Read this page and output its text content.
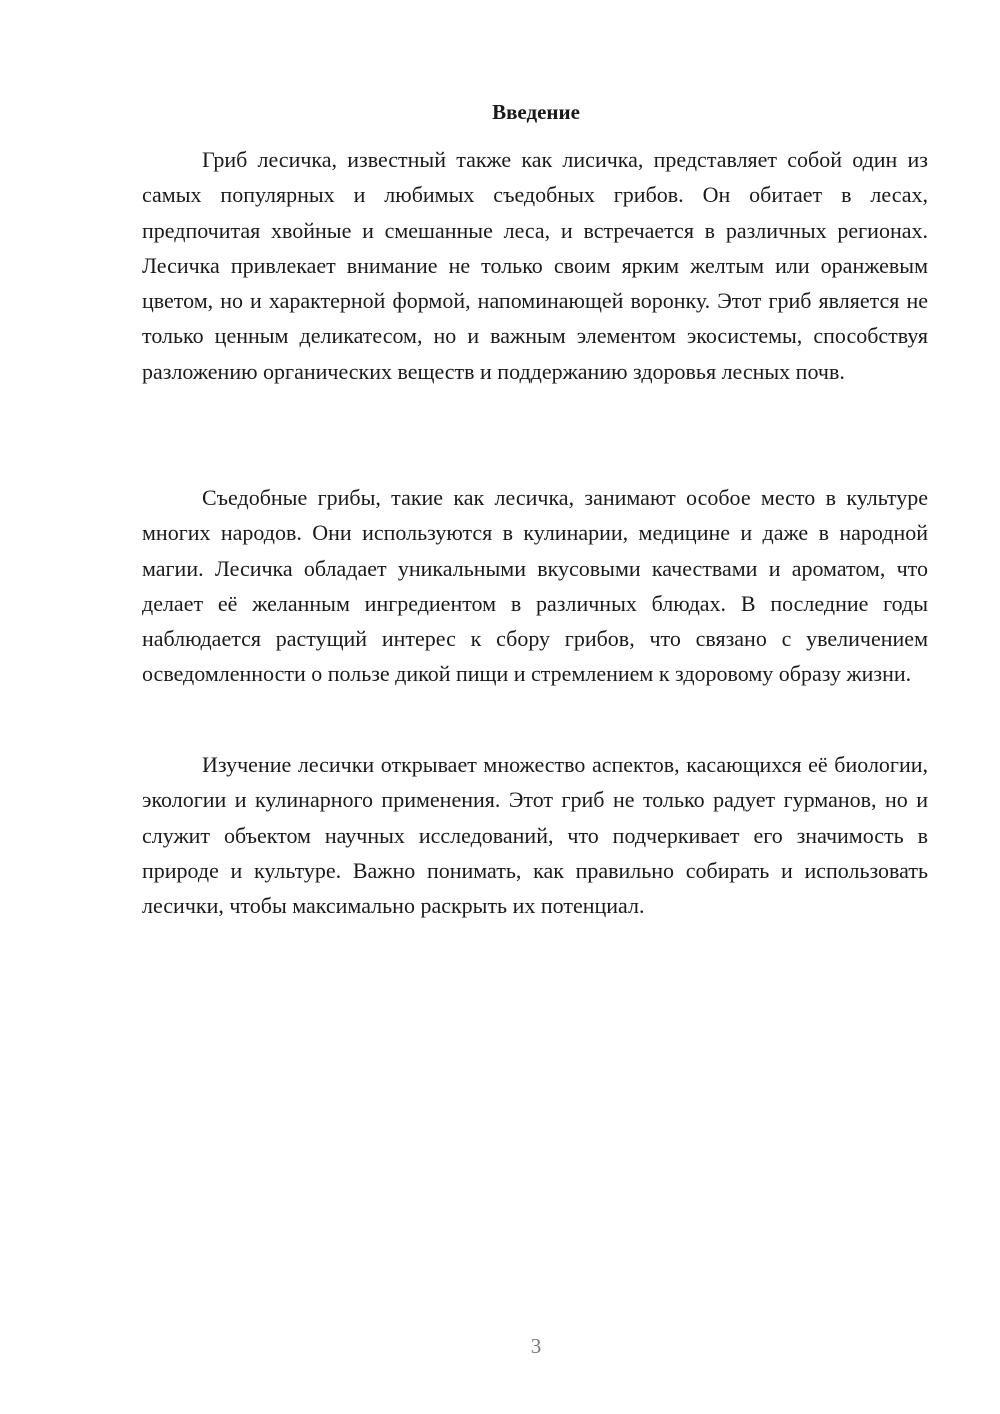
Введение

Гриб лесичка, известный также как лисичка, представляет собой один из самых популярных и любимых съедобных грибов. Он обитает в лесах, предпочитая хвойные и смешанные леса, и встречается в различных регионах. Лесичка привлекает внимание не только своим ярким желтым или оранжевым цветом, но и характерной формой, напоминающей воронку. Этот гриб является не только ценным деликатесом, но и важным элементом экосистемы, способствуя разложению органических веществ и поддержанию здоровья лесных почв.

Съедобные грибы, такие как лесичка, занимают особое место в культуре многих народов. Они используются в кулинарии, медицине и даже в народной магии. Лесичка обладает уникальными вкусовыми качествами и ароматом, что делает её желанным ингредиентом в различных блюдах. В последние годы наблюдается растущий интерес к сбору грибов, что связано с увеличением осведомленности о пользе дикой пищи и стремлением к здоровому образу жизни.

Изучение лесички открывает множество аспектов, касающихся её биологии, экологии и кулинарного применения. Этот гриб не только радует гурманов, но и служит объектом научных исследований, что подчеркивает его значимость в природе и культуре. Важно понимать, как правильно собирать и использовать лесички, чтобы максимально раскрыть их потенциал.

3
